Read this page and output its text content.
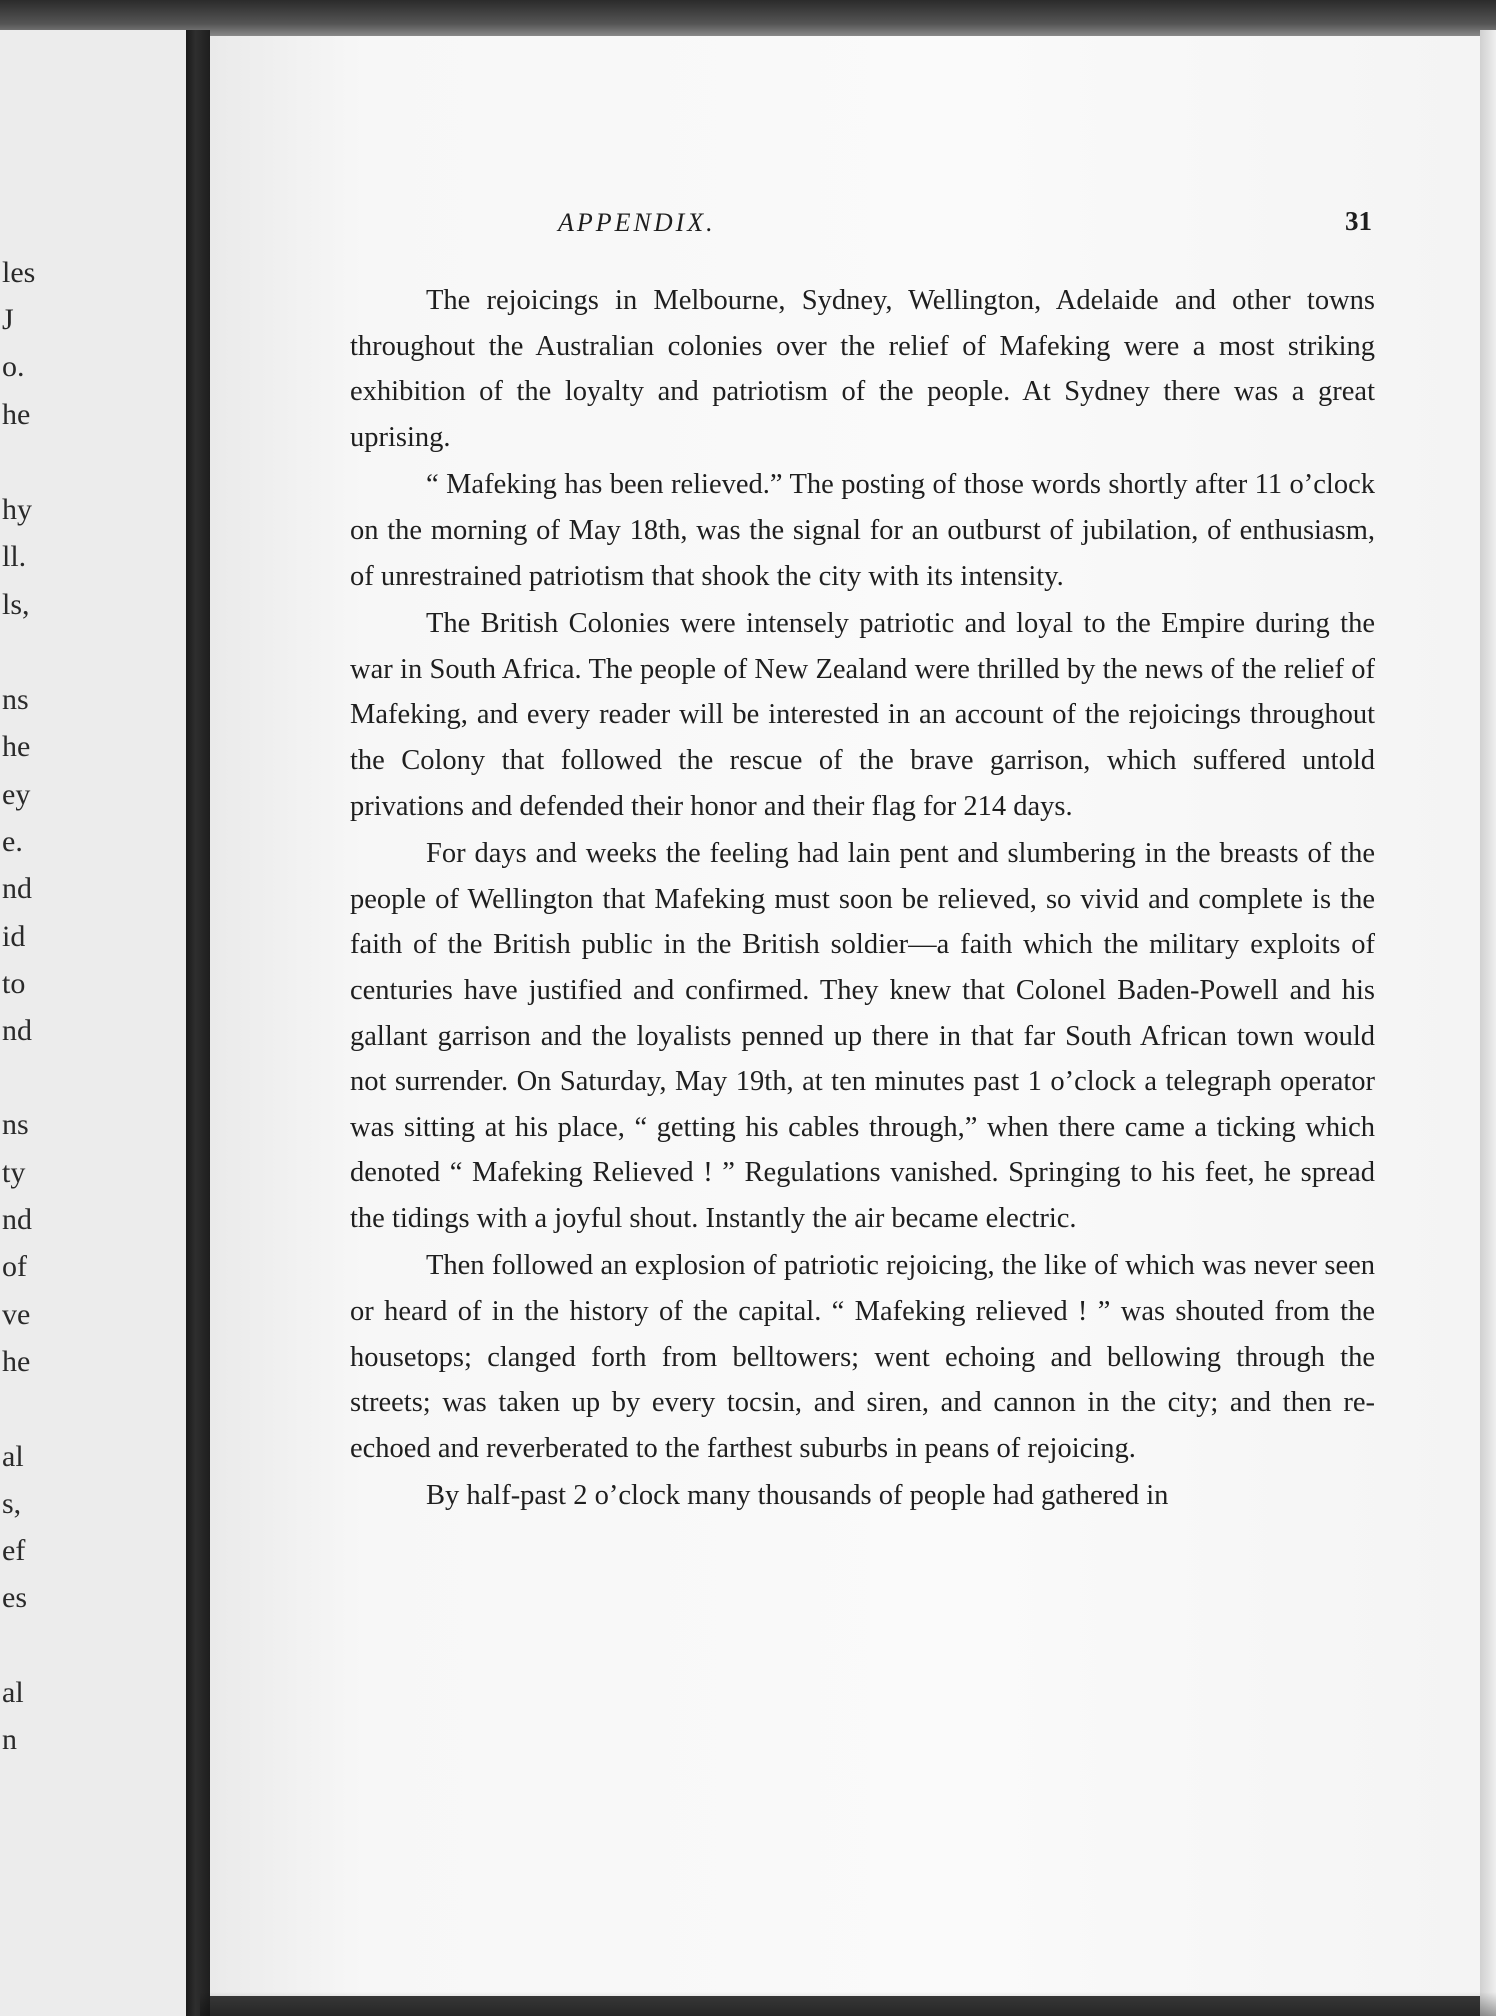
les
J
o.
he
hy
ll.
ls,
ns
he
ey
e.
nd
id
to
nd
ns
ty
nd
of
ve
he
al
s,
ef
es
al
n
APPENDIX.	31

The rejoicings in Melbourne, Sydney, Wellington, Adelaide and other towns throughout the Australian colonies over the relief of Mafeking were a most striking exhibition of the loyalty and patriotism of the people. At Sydney there was a great uprising.

“ Mafeking has been relieved.” The posting of those words shortly after 11 o’clock on the morning of May 18th, was the signal for an outburst of jubilation, of enthusiasm, of unrestrained patriotism that shook the city with its intensity.

The British Colonies were intensely patriotic and loyal to the Empire during the war in South Africa. The people of New Zealand were thrilled by the news of the relief of Mafeking, and every reader will be interested in an account of the rejoicings throughout the Colony that followed the rescue of the brave garrison, which suffered untold privations and defended their honor and their flag for 214 days.

For days and weeks the feeling had lain pent and slumbering in the breasts of the people of Wellington that Mafeking must soon be relieved, so vivid and complete is the faith of the British public in the British soldier—a faith which the military exploits of centuries have justified and confirmed. They knew that Colonel Baden-Powell and his gallant garrison and the loyalists penned up there in that far South African town would not surrender. On Saturday, May 19th, at ten minutes past 1 o’clock a telegraph operator was sitting at his place, “ getting his cables through,” when there came a ticking which denoted “ Mafeking Relieved ! ” Regulations vanished. Springing to his feet, he spread the tidings with a joyful shout. Instantly the air became electric.

Then followed an explosion of patriotic rejoicing, the like of which was never seen or heard of in the history of the capital. “ Mafeking relieved ! ” was shouted from the housetops; clanged forth from belltowers; went echoing and bellowing through the streets; was taken up by every tocsin, and siren, and cannon in the city; and then re-echoed and reverberated to the farthest suburbs in peans of rejoicing.

By half-past 2 o’clock many thousands of people had gathered in
